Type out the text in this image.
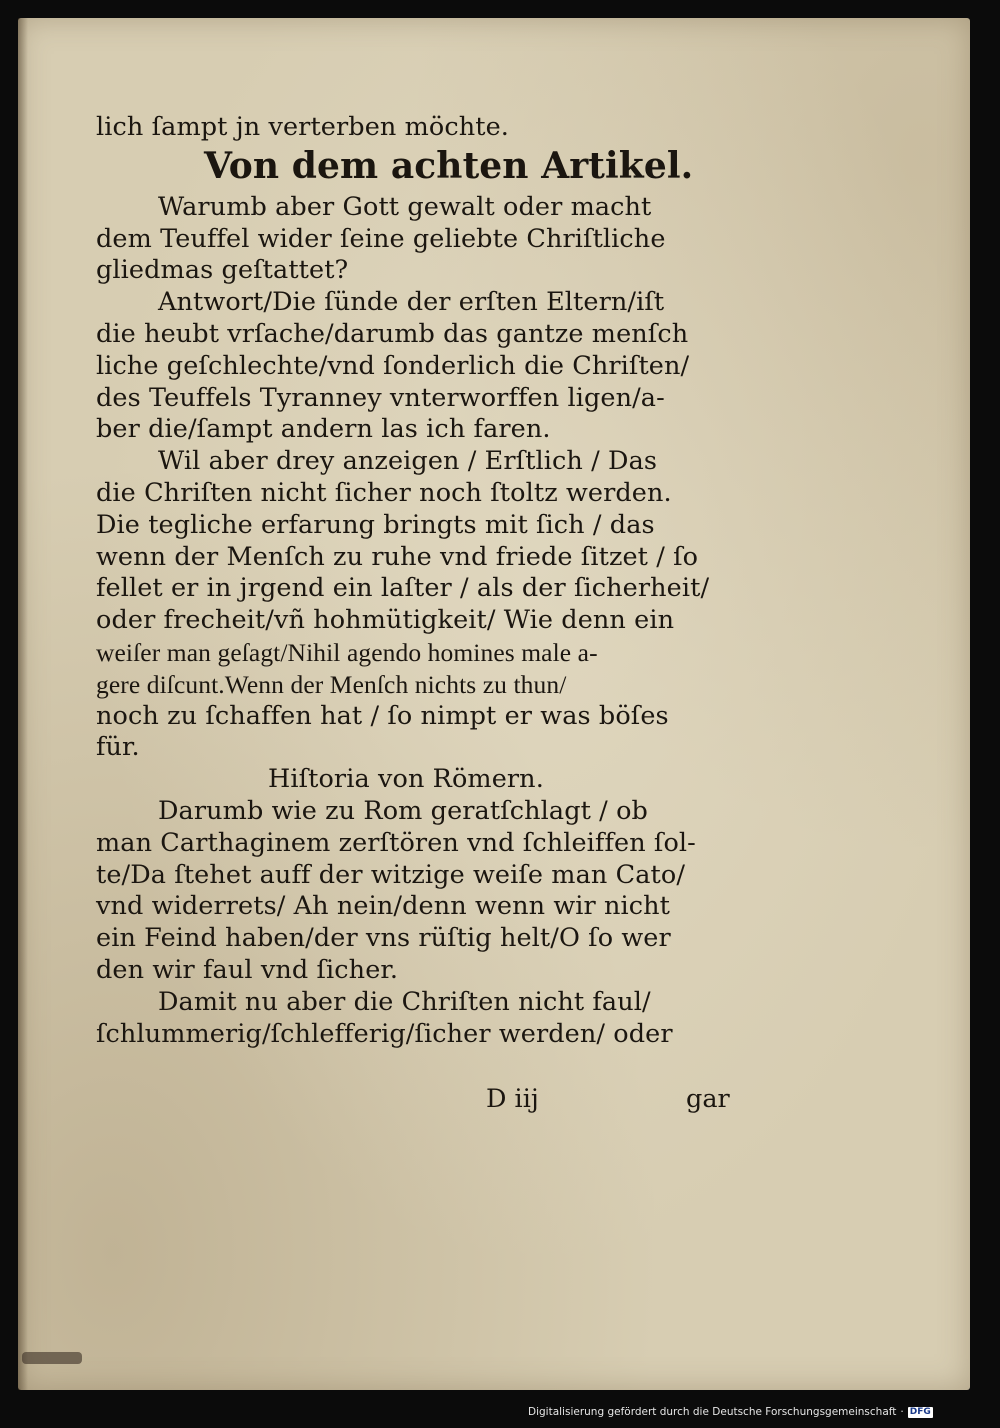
lich ſampt jn verterben möchte.
Von dem achten Artikel.
Warumb aber Gott gewalt oder macht
dem Teuffel wider ſeine geliebte Chriſtliche
gliedmas geſtattet?
Antwort/Die ſünde der erſten Eltern/iſt
die heubt vrſache/darumb das gantze menſch
liche geſchlechte/vnd ſonderlich die Chriſten/
des Teuffels Tyranney vnterworffen ligen/a-
ber die/ſampt andern las ich faren.
Wil aber drey anzeigen / Erſtlich / Das
die Chriſten nicht ſicher noch ſtoltz werden.
Die tegliche erfarung bringts mit ſich / das
wenn der Menſch zu ruhe vnd friede ſitzet / ſo
fellet er in jrgend ein laſter / als der ſicherheit/
oder frecheit/vñ hohmütigkeit/ Wie denn ein
weiſer man geſagt/Nihil agendo homines male a-
gere diſcunt.Wenn der Menſch nichts zu thun/
noch zu ſchaffen hat / ſo nimpt er was böſes
für.
Hiſtoria von Römern.
Darumb wie zu Rom geratſchlagt / ob
man Carthaginem zerſtören vnd ſchleiffen ſol-
te/Da ſtehet auff der witzige weiſe man Cato/
vnd widerrets/ Ah nein/denn wenn wir nicht
ein Feind haben/der vns rüſtig helt/O ſo wer
den wir faul vnd ſicher.
Damit nu aber die Chriſten nicht faul/
ſchlummerig/ſchlefferig/ſicher werden/ oder
D iij	gar
Digitalisierung gefördert durch die Deutsche Forschungsgemeinschaft · DFG
